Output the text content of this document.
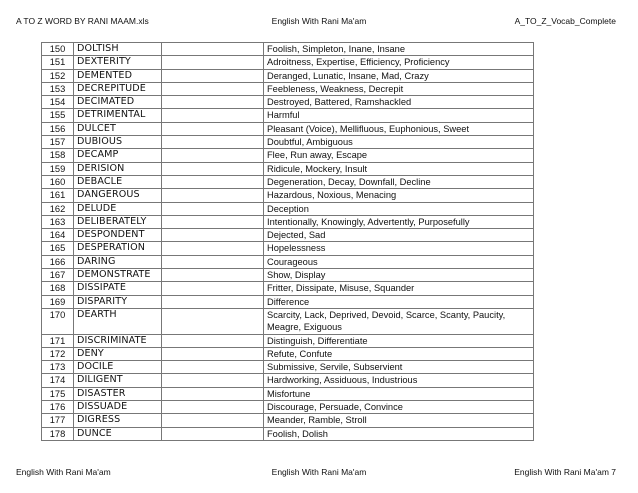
English With Rani Ma'am
A TO Z WORD BY RANI MAAM.xls	A_TO_Z_Vocab_Complete
150	DOLTISH		Foolish, Simpleton, Inane, Insane
151	DEXTERITY		Adroitness, Expertise, Efficiency, Proficiency
152	DEMENTED		Deranged, Lunatic, Insane, Mad, Crazy
153	DECREPITUDE		Feebleness, Weakness, Decrepit
154	DECIMATED		Destroyed, Battered, Ramshackled
155	DETRIMENTAL		Harmful
156	DULCET		Pleasant (Voice), Mellifluous, Euphonious, Sweet
157	DUBIOUS		Doubtful, Ambiguous
158	DECAMP		Flee, Run away, Escape
159	DERISION		Ridicule, Mockery, Insult
160	DEBACLE		Degeneration, Decay, Downfall, Decline
161	DANGEROUS		Hazardous, Noxious, Menacing
162	DELUDE		Deception
163	DELIBERATELY		Intentionally, Knowingly, Advertently, Purposefully
164	DESPONDENT		Dejected, Sad
165	DESPERATION		Hopelessness
166	DARING		Courageous
167	DEMONSTRATE		Show, Display
168	DISSIPATE		Fritter, Dissipate, Misuse, Squander
169	DISPARITY		Difference
170	DEARTH		Scarcity, Lack, Deprived, Devoid, Scarce, Scanty, Paucity, Meagre, Exiguous
171	DISCRIMINATE		Distinguish, Differentiate
172	DENY		Refute, Confute
173	DOCILE		Submissive, Servile, Subservient
174	DILIGENT		Hardworking, Assiduous, Industrious
175	DISASTER		Misfortune
176	DISSUADE		Discourage, Persuade, Convince
177	DIGRESS		Meander, Ramble, Stroll
178	DUNCE		Foolish, Dolish
English With Rani Ma'am
English With Rani Ma'am	English With Rani Ma'am 7
